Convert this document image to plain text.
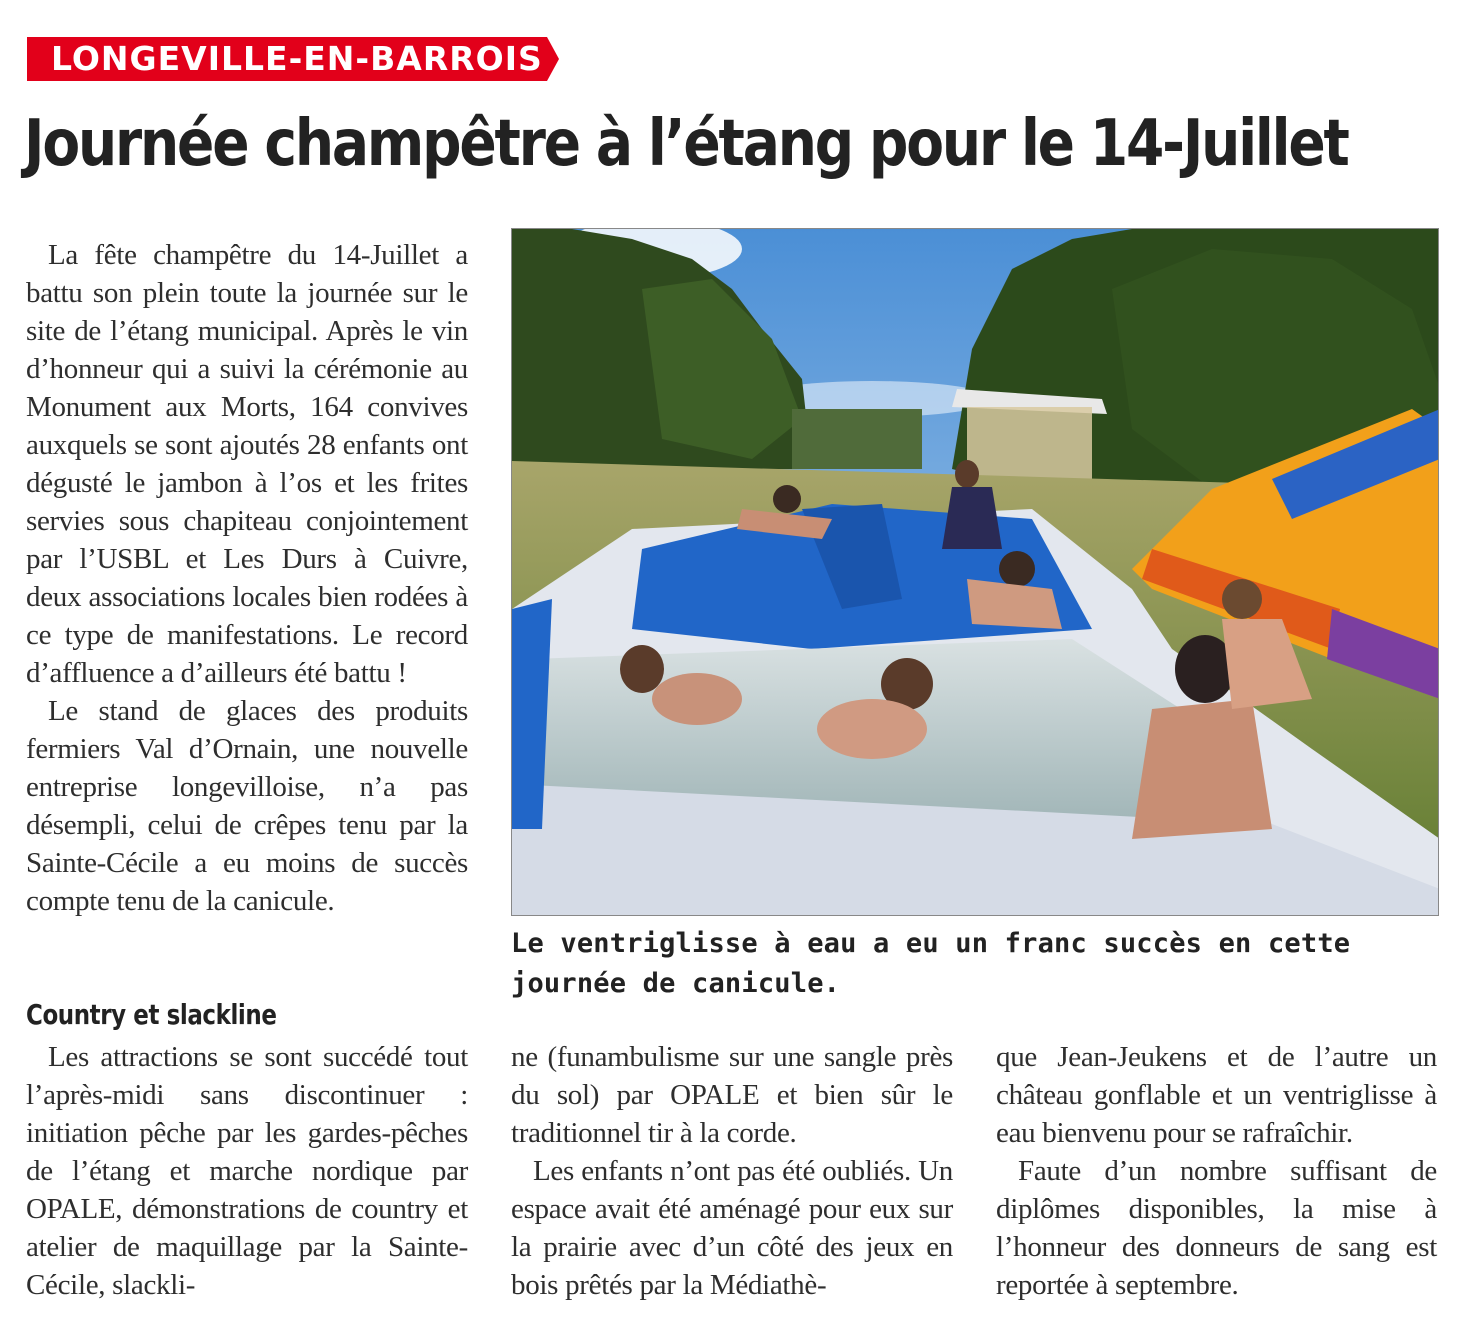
LONGEVILLE-EN-BARROIS
Journée champêtre à l’étang pour le 14-Juillet

La fête champêtre du 14-Juillet a battu son plein toute la journée sur le site de l’étang municipal. Après le vin d’honneur qui a suivi la cérémonie au Monument aux Morts, 164 convives auxquels se sont ajoutés 28 enfants ont dégusté le jambon à l’os et les frites servies sous chapiteau conjointement par l’USBL et Les Durs à Cuivre, deux associations locales bien rodées à ce type de manifestations. Le record d’affluence a d’ailleurs été battu !

Le stand de glaces des produits fermiers Val d’Ornain, une nouvelle entreprise longevilloise, n’a pas désempli, celui de crêpes tenu par la Sainte-Cécile a eu moins de succès compte tenu de la canicule.

Le ventriglisse à eau a eu un franc succès en cette journée de canicule.
Country et slackline

Les attractions se sont succédé tout l’après-midi sans discontinuer : initiation pêche par les gardes-pêches de l’étang et marche nordique par OPALE, démonstrations de country et atelier de maquillage par la Sainte-Cécile, slackli-

ne (funambulisme sur une sangle près du sol) par OPALE et bien sûr le traditionnel tir à la corde.

Les enfants n’ont pas été oubliés. Un espace avait été aménagé pour eux sur la prairie avec d’un côté des jeux en bois prêtés par la Médiathè-

que Jean-Jeukens et de l’autre un château gonflable et un ventriglisse à eau bienvenu pour se rafraîchir.

Faute d’un nombre suffisant de diplômes disponibles, la mise à l’honneur des donneurs de sang est reportée à septembre.
